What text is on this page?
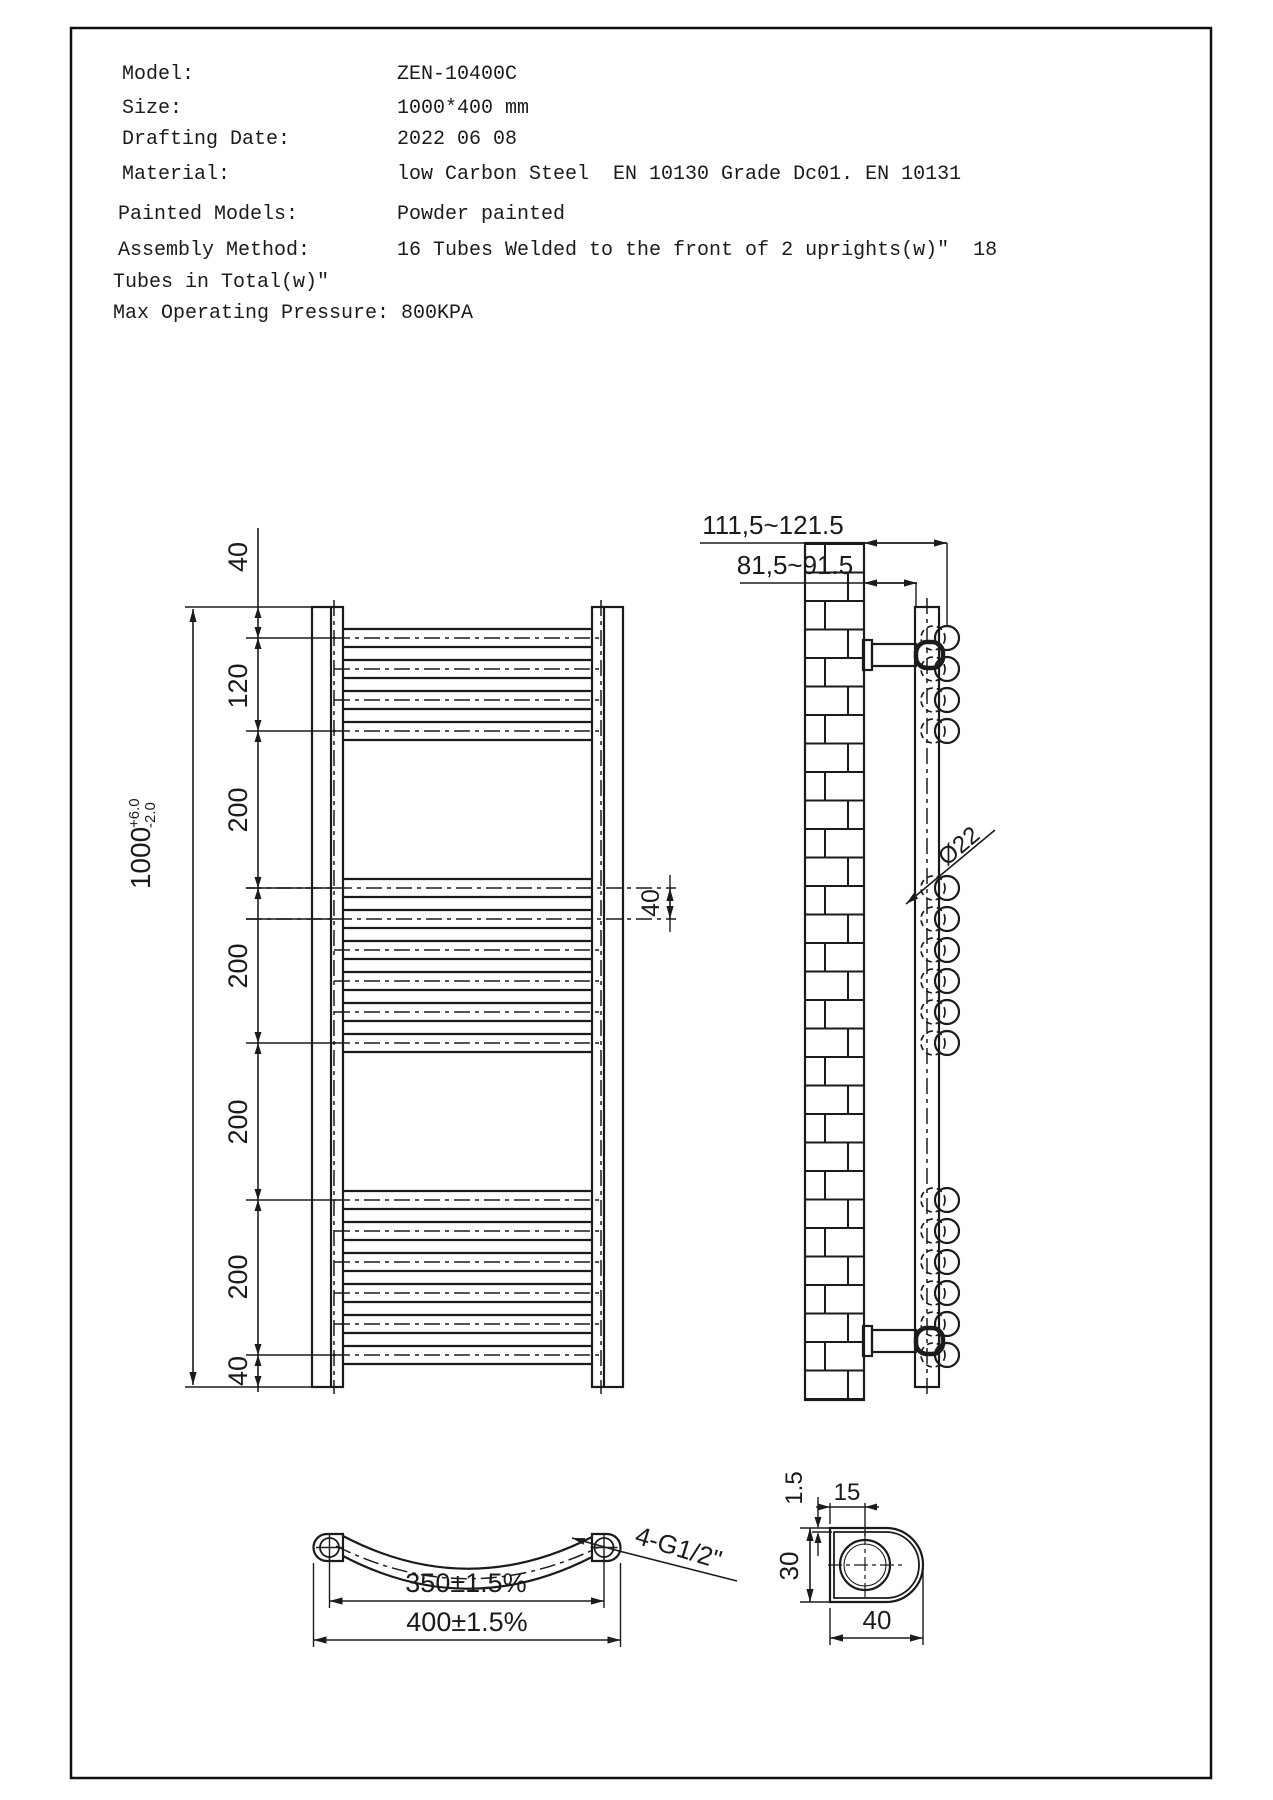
Model:	ZEN-10400C
Size:	1000*400 mm
Drafting Date:	2022 06 08
Material:	low Carbon Steel  EN 10130 Grade Dc01. EN 10131
Painted Models:	Powder painted
Assembly Method:	16 Tubes Welded to the front of 2 uprights(w)"  18
Tubes in Total(w)"
Max Operating Pressure: 800KPA
1000
+6.0 -2.0
40
120
200
200
200
200
40
40
111,5~121.5
81,5~91.5
Ø22
350±1.5%
400±1.5%
4-G1/2"
1.5 15
30
40
